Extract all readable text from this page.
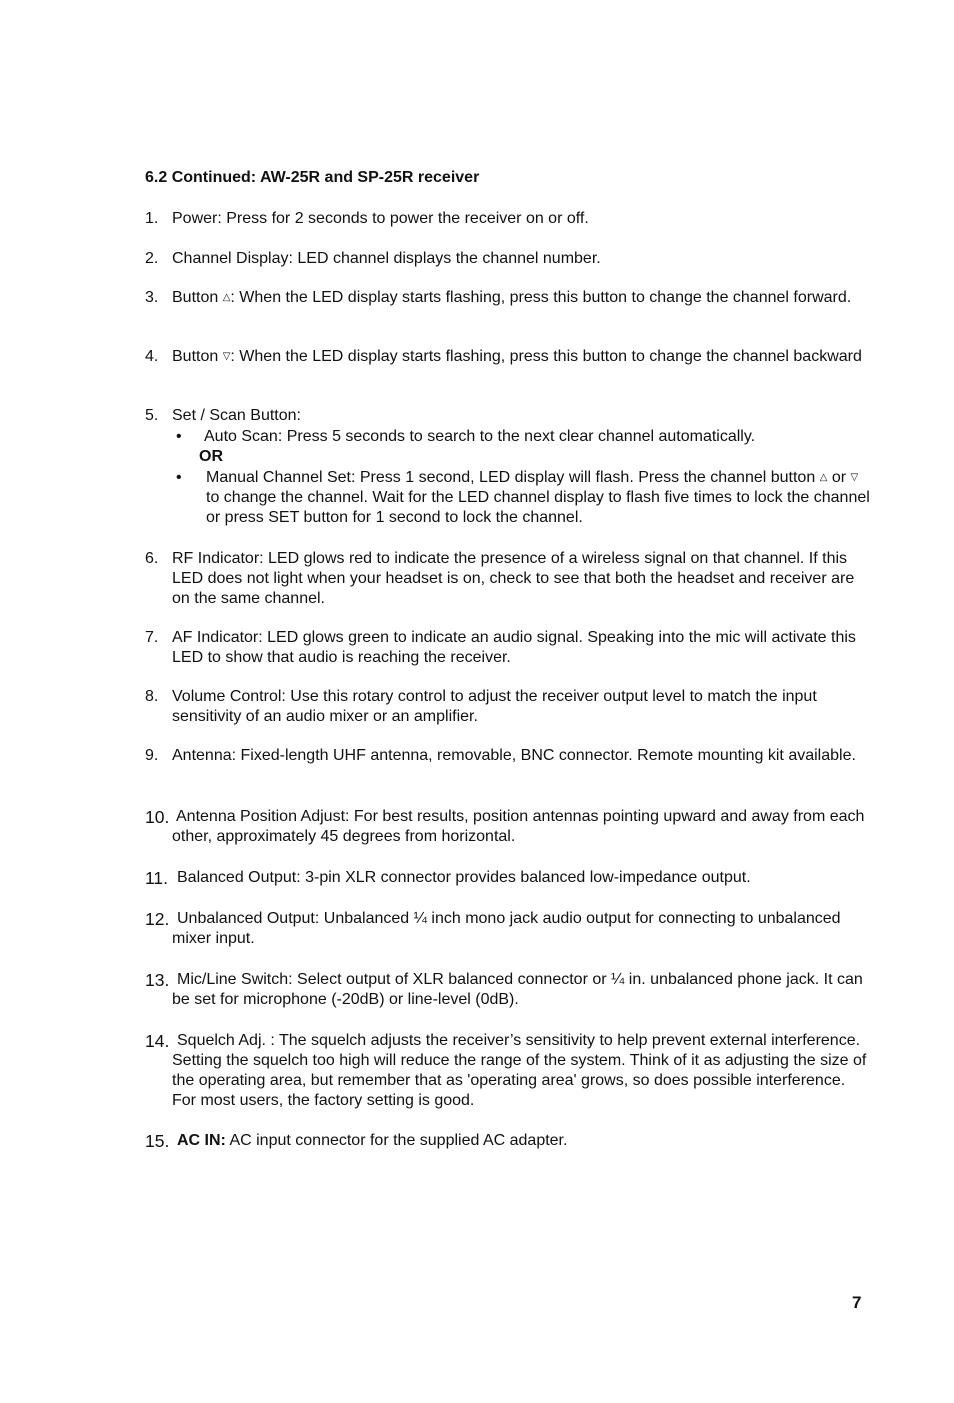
6.2 Continued: AW-25R and SP-25R receiver
1. Power: Press for 2 seconds to power the receiver on or off.
2. Channel Display: LED channel displays the channel number.
3. Button △: When the LED display starts flashing, press this button to change the channel forward.
4. Button ▽: When the LED display starts flashing, press this button to change the channel backward
5. Set / Scan Button:
• Auto Scan: Press 5 seconds to search to the next clear channel automatically.
OR
• Manual Channel Set: Press 1 second, LED display will flash. Press the channel button △ or ▽ to change the channel. Wait for the LED channel display to flash five times to lock the channel or press SET button for 1 second to lock the channel.
6. RF Indicator: LED glows red to indicate the presence of a wireless signal on that channel. If this LED does not light when your headset is on, check to see that both the headset and receiver are on the same channel.
7. AF Indicator: LED glows green to indicate an audio signal. Speaking into the mic will activate this LED to show that audio is reaching the receiver.
8. Volume Control: Use this rotary control to adjust the receiver output level to match the input sensitivity of an audio mixer or an amplifier.
9. Antenna: Fixed-length UHF antenna, removable, BNC connector. Remote mounting kit available.
10. Antenna Position Adjust: For best results, position antennas pointing upward and away from each other, approximately 45 degrees from horizontal.
11. Balanced Output: 3-pin XLR connector provides balanced low-impedance output.
12. Unbalanced Output: Unbalanced ¼ inch mono jack audio output for connecting to unbalanced mixer input.
13. Mic/Line Switch: Select output of XLR balanced connector or ¼ in. unbalanced phone jack. It can be set for microphone (-20dB) or line-level (0dB).
14. Squelch Adj. : The squelch adjusts the receiver’s sensitivity to help prevent external interference. Setting the squelch too high will reduce the range of the system. Think of it as adjusting the size of the operating area, but remember that as 'operating area' grows, so does possible interference. For most users, the factory setting is good.
15. AC IN: AC input connector for the supplied AC adapter.
7
